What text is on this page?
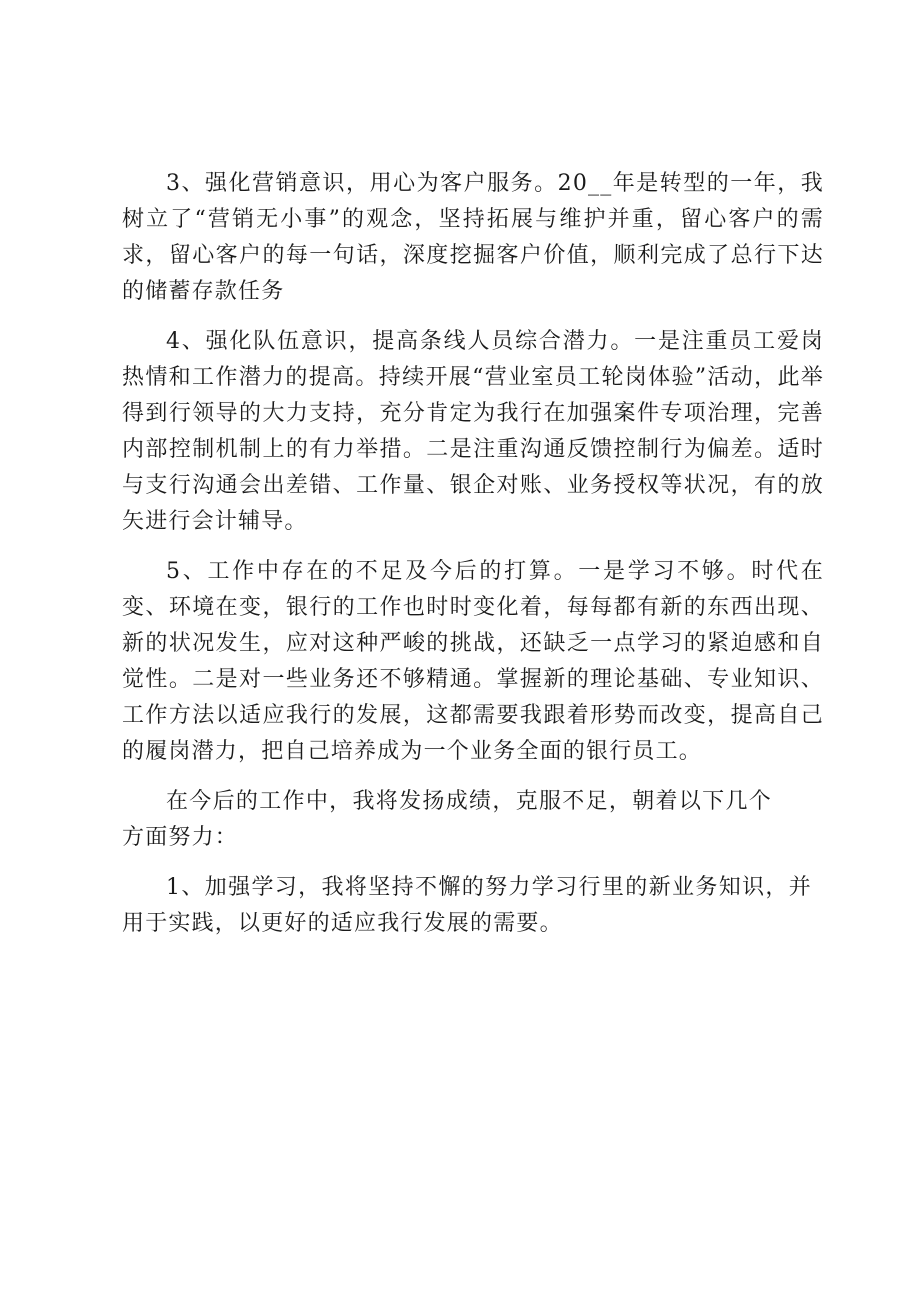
3、强化营销意识，用心为客户服务。20__年是转型的一年，我树立了“营销无小事”的观念，坚持拓展与维护并重，留心客户的需求，留心客户的每一句话，深度挖掘客户价值，顺利完成了总行下达的储蓄存款任务

4、强化队伍意识，提高条线人员综合潜力。一是注重员工爱岗热情和工作潜力的提高。持续开展“营业室员工轮岗体验”活动，此举得到行领导的大力支持，充分肯定为我行在加强案件专项治理，完善内部控制机制上的有力举措。二是注重沟通反馈控制行为偏差。适时与支行沟通会出差错、工作量、银企对账、业务授权等状况，有的放矢进行会计辅导。

5、工作中存在的不足及今后的打算。一是学习不够。时代在变、环境在变，银行的工作也时时变化着，每每都有新的东西出现、新的状况发生，应对这种严峻的挑战，还缺乏一点学习的紧迫感和自觉性。二是对一些业务还不够精通。掌握新的理论基础、专业知识、工作方法以适应我行的发展，这都需要我跟着形势而改变，提高自己的履岗潜力，把自己培养成为一个业务全面的银行员工。

在今后的工作中，我将发扬成绩，克服不足，朝着以下几个方面努力：

1、加强学习，我将坚持不懈的努力学习行里的新业务知识，并用于实践，以更好的适应我行发展的需要。
